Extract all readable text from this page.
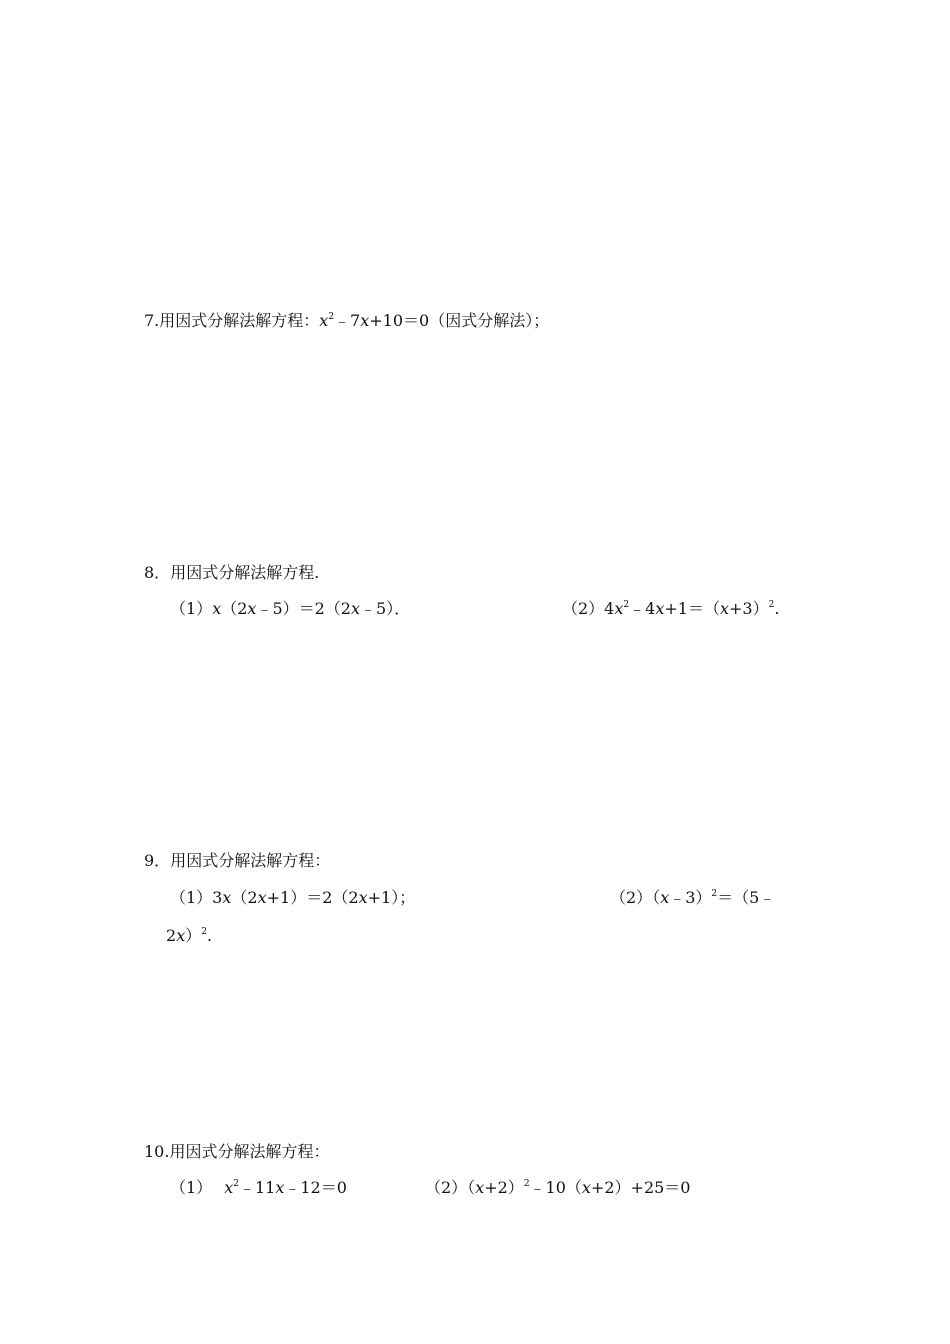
7.用因式分解法解方程：$x^2﹣7x+10=0$（因式分解法）；
8．用因式分解法解方程.
（1）x（2x﹣5）＝2（2x﹣5）．	$(2)4x^2﹣4x+1=(x+3)^2$.
9．用因式分解法解方程：
（1）3x（2x+1）＝2（2x+1）；	（2）（x﹣3）$^2$＝（5﹣
2x）$^2$.
10.用因式分解法解方程：
（1） $x^2﹣11x﹣12=0$	$(2)(x+2)^2﹣10(x+2)+25=0$
